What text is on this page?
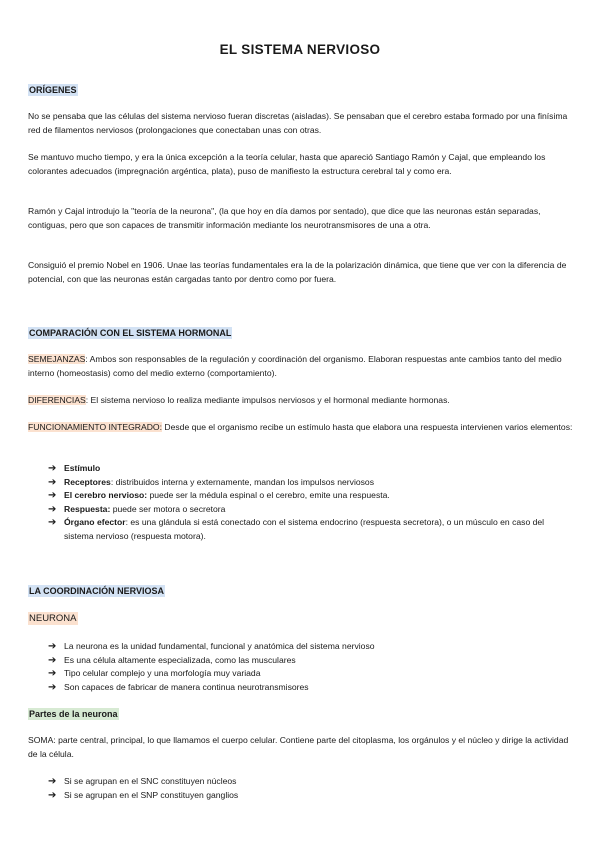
EL SISTEMA NERVIOSO
ORÍGENES
No se pensaba que las células del sistema nervioso fueran discretas (aisladas). Se pensaban que el cerebro estaba formado por una finísima red de filamentos nerviosos (prolongaciones que conectaban unas con otras.
Se mantuvo mucho tiempo, y era la única excepción a la teoría celular, hasta que apareció Santiago Ramón y Cajal, que empleando los colorantes adecuados (impregnación argéntica, plata), puso de manifiesto la estructura cerebral tal y como era.
Ramón y Cajal introdujo la "teoría de la neurona", (la que hoy en día damos por sentado), que dice que las neuronas están separadas, contiguas, pero que son capaces de transmitir información mediante los neurotransmisores de una a otra.
Consiguió el premio Nobel en 1906. Unae las teorías fundamentales era la de la polarización dinámica, que tiene que ver con la diferencia de potencial, con que las neuronas están cargadas tanto por dentro como por fuera.
COMPARACIÓN CON EL SISTEMA HORMONAL
SEMEJANZAS: Ambos son responsables de la regulación y coordinación del organismo. Elaboran respuestas ante cambios tanto del medio interno (homeostasis) como del medio externo (comportamiento).
DIFERENCIAS: El sistema nervioso lo realiza mediante impulsos nerviosos y el hormonal mediante hormonas.
FUNCIONAMIENTO INTEGRADO: Desde que el organismo recibe un estímulo hasta que elabora una respuesta intervienen varios elementos:
➔ Estímulo
➔ Receptores: distribuidos interna y externamente, mandan los impulsos nerviosos
➔ El cerebro nervioso: puede ser la médula espinal o el cerebro, emite una respuesta.
➔ Respuesta: puede ser motora o secretora
➔ Órgano efector: es una glándula si está conectado con el sistema endocrino (respuesta secretora), o un músculo en caso del sistema nervioso (respuesta motora).
LA COORDINACIÓN NERVIOSA
NEURONA
➔ La neurona es la unidad fundamental, funcional y anatómica del sistema nervioso
➔ Es una célula altamente especializada, como las musculares
➔ Tipo celular complejo y una morfología muy variada
➔ Son capaces de fabricar de manera continua neurotransmisores
Partes de la neurona
SOMA: parte central, principal, lo que llamamos el cuerpo celular. Contiene parte del citoplasma, los orgánulos y el núcleo y dirige la actividad de la célula.
➔ Si se agrupan en el SNC constituyen núcleos
➔ Si se agrupan en el SNP constituyen ganglios
